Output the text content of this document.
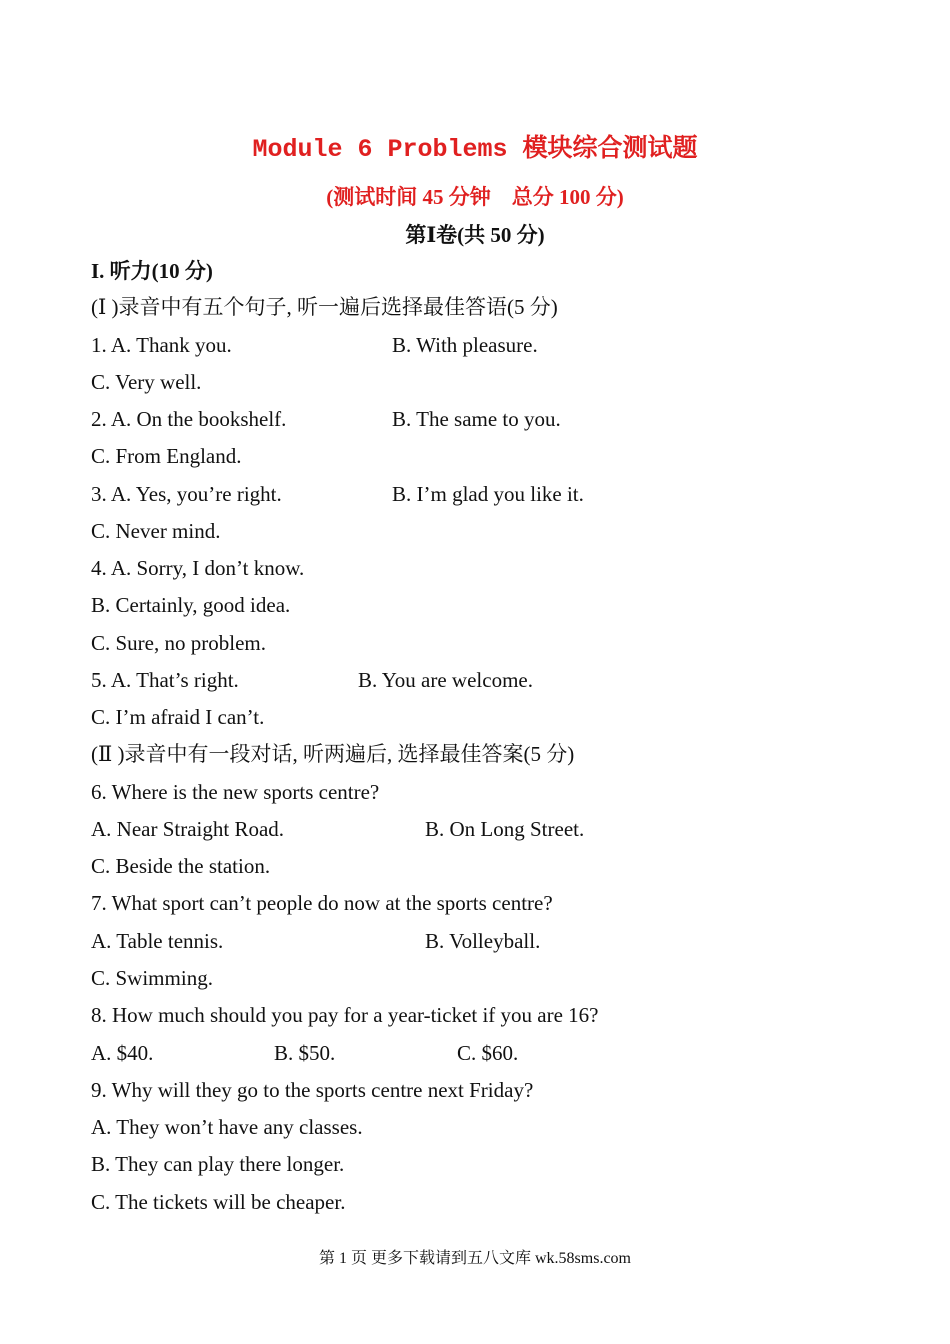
Module 6 Problems 模块综合测试题
(测试时间 45 分钟　总分 100 分)
第Ⅰ卷(共 50 分)
I. 听力(10 分)
(Ⅰ )录音中有五个句子, 听一遍后选择最佳答语(5 分)
1. A. Thank you.	B. With pleasure.
C. Very well.
2. A. On the bookshelf.	B. The same to you.
C. From England.
3. A. Yes, you’re right.	B. I’m glad you like it.
C. Never mind.
4. A. Sorry, I don’t know.
B. Certainly, good idea.
C. Sure, no problem.
5. A. That’s right.	B. You are welcome.
C. I’m afraid I can’t.
(Ⅱ )录音中有一段对话, 听两遍后, 选择最佳答案(5 分)
6. Where is the new sports centre?
A. Near Straight Road.	B. On Long Street.
C. Beside the station.
7. What sport can’t people do now at the sports centre?
A. Table tennis.	B. Volleyball.
C. Swimming.
8. How much should you pay for a year-ticket if you are 16?
A. $40.	B. $50.	C. $60.
9. Why will they go to the sports centre next Friday?
A. They won’t have any classes.
B. They can play there longer.
C. The tickets will be cheaper.
第 1 页 更多下载请到五八文库 wk.58sms.com
